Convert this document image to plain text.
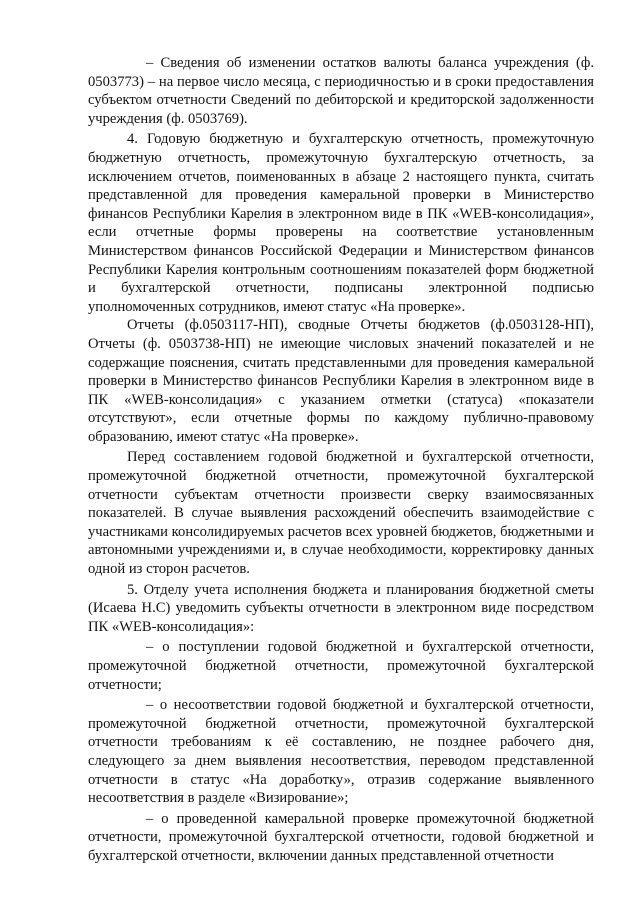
– Сведения об изменении остатков валюты баланса учреждения (ф. 0503773) – на первое число месяца, с периодичностью и в сроки предоставления субъектом отчетности Сведений по дебиторской и кредиторской задолженности учреждения (ф. 0503769).

4. Годовую бюджетную и бухгалтерскую отчетность, промежуточную бюджетную отчетность, промежуточную бухгалтерскую отчетность, за исключением отчетов, поименованных в абзаце 2 настоящего пункта, считать представленной для проведения камеральной проверки в Министерство финансов Республики Карелия в электронном виде в ПК «WEB-консолидация», если отчетные формы проверены на соответствие установленным Министерством финансов Российской Федерации и Министерством финансов Республики Карелия контрольным соотношениям показателей форм бюджетной и бухгалтерской отчетности, подписаны электронной подписью уполномоченных сотрудников, имеют статус «На проверке».

Отчеты (ф.0503117-НП), сводные Отчеты бюджетов (ф.0503128-НП), Отчеты (ф. 0503738-НП) не имеющие числовых значений показателей и не содержащие пояснения, считать представленными для проведения камеральной проверки в Министерство финансов Республики Карелия в электронном виде в ПК «WEB-консолидация» с указанием отметки (статуса) «показатели отсутствуют», если отчетные формы по каждому публично-правовому образованию, имеют статус «На проверке».

Перед составлением годовой бюджетной и бухгалтерской отчетности, промежуточной бюджетной отчетности, промежуточной бухгалтерской отчетности субъектам отчетности произвести сверку взаимосвязанных показателей. В случае выявления расхождений обеспечить взаимодействие с участниками консолидируемых расчетов всех уровней бюджетов, бюджетными и автономными учреждениями и, в случае необходимости, корректировку данных одной из сторон расчетов.

5. Отделу учета исполнения бюджета и планирования бюджетной сметы (Исаева Н.С) уведомить субъекты отчетности в электронном виде посредством ПК «WEB-консолидация»:

– о поступлении годовой бюджетной и бухгалтерской отчетности, промежуточной бюджетной отчетности, промежуточной бухгалтерской отчетности;

– о несоответствии годовой бюджетной и бухгалтерской отчетности, промежуточной бюджетной отчетности, промежуточной бухгалтерской отчетности требованиям к её составлению, не позднее рабочего дня, следующего за днем выявления несоответствия, переводом представленной отчетности в статус «На доработку», отразив содержание выявленного несоответствия в разделе «Визирование»;

– о проведенной камеральной проверке промежуточной бюджетной отчетности, промежуточной бухгалтерской отчетности, годовой бюджетной и бухгалтерской отчетности, включении данных представленной отчетности
